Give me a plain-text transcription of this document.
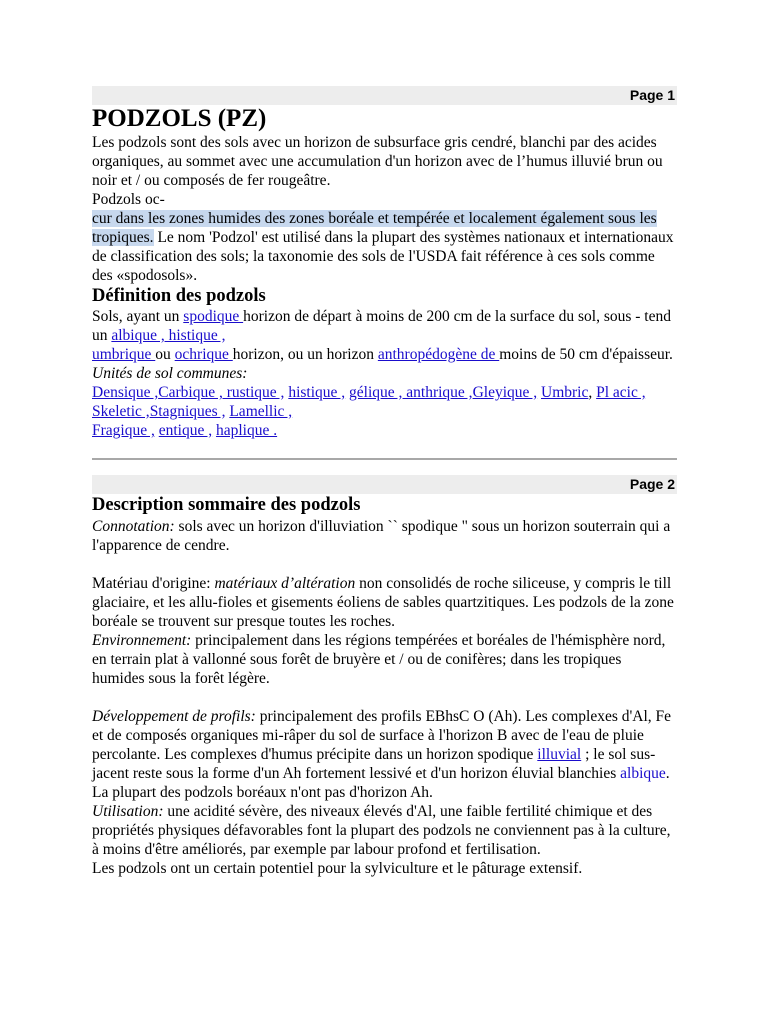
Page 1
PODZOLS (PZ)

Les podzols sont des sols avec un horizon de subsurface gris cendré, blanchi par des acides organiques, au sommet avec une accumulation d'un horizon avec de l’humus illuvié brun ou noir et / ou composés de fer rougeâtre.

Podzols oc-
cur dans les zones humides des zones boréale et tempérée et localement également sous les tropiques. Le nom 'Podzol' est utilisé dans la plupart des systèmes nationaux et internationaux de classification des sols; la taxonomie des sols de l'USDA fait référence à ces sols comme des «spodosols».

Définition des podzols

Sols, ayant un spodique horizon de départ à moins de 200 cm de la surface du sol, sous - tend un albique , histique ,
umbrique ou ochrique horizon, ou un horizon anthropédogène de moins de 50 cm d'épaisseur.

Unités de sol communes:

Densique ,Carbique , rustique , histique , gélique , anthrique ,Gleyique , Umbric, Pl acic , Skeletic ,Stagniques , Lamellic ,
Fragique , entique , haplique .

Page 2
Description sommaire des podzols

Connotation: sols avec un horizon d'illuviation `` spodique " sous un horizon souterrain qui a l'apparence de cendre.

Matériau d'origine: matériaux d’altération non consolidés de roche siliceuse, y compris le till glaciaire, et les allu-fioles et gisements éoliens de sables quartzitiques. Les podzols de la zone boréale se trouvent sur presque toutes les roches.

Environnement: principalement dans les régions tempérées et boréales de l'hémisphère nord, en terrain plat à vallonné sous forêt de bruyère et / ou de conifères; dans les tropiques humides sous la forêt légère.

Développement de profils: principalement des profils EBhsC O (Ah). Les complexes d'Al, Fe et de composés organiques mi-râper du sol de surface à l'horizon B avec de l'eau de pluie percolante. Les complexes d'humus précipite dans un horizon spodique illuvial ; le sol sus-jacent reste sous la forme d'un Ah fortement lessivé et d'un horizon éluvial blanchies albique. La plupart des podzols boréaux n'ont pas d'horizon Ah.

Utilisation: une acidité sévère, des niveaux élevés d'Al, une faible fertilité chimique et des propriétés physiques défavorables font la plupart des podzols ne conviennent pas à la culture, à moins d'être améliorés, par exemple par labour profond et fertilisation.

Les podzols ont un certain potentiel pour la sylviculture et le pâturage extensif.
